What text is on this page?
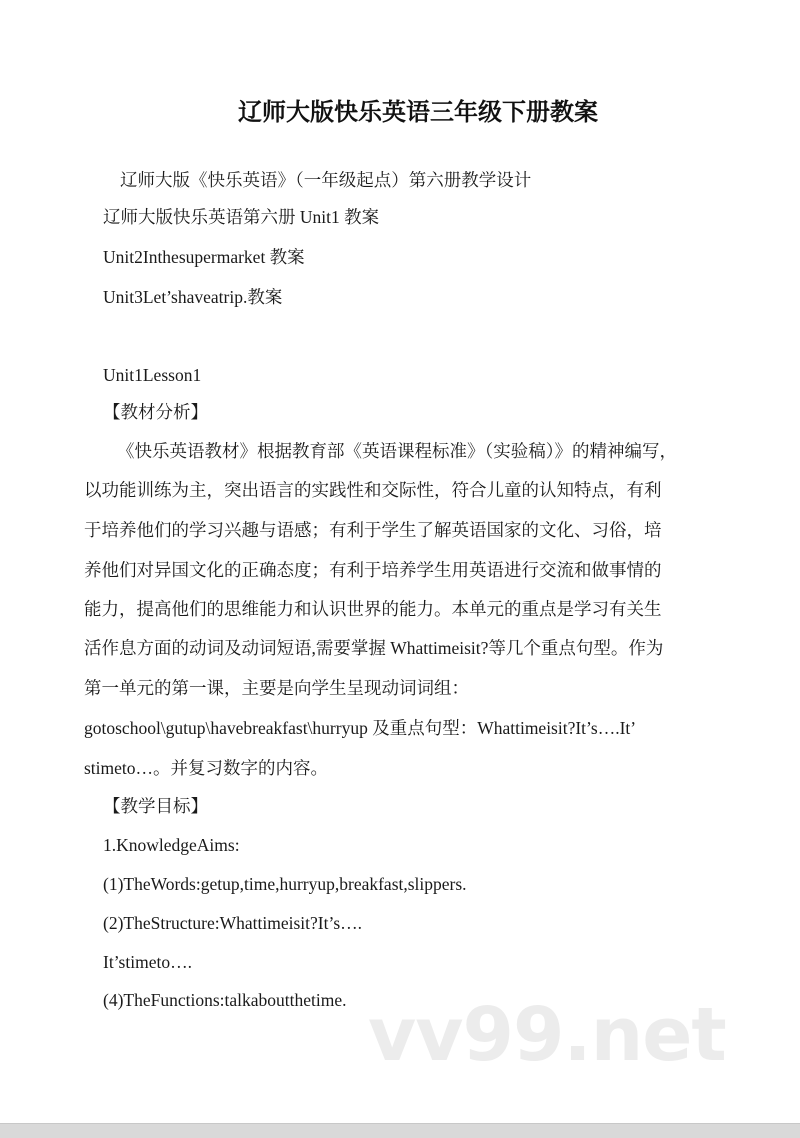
辽师大版快乐英语三年级下册教案
辽师大版《快乐英语》（一年级起点）第六册教学设计
辽师大版快乐英语第六册 Unit1 教案
Unit2Inthesupermarket 教案
Unit3Let’shaveatrip.教案
Unit1Lesson1
【教材分析】
《快乐英语教材》根据教育部《英语课程标准》（实验稿）》的精神编写，
以功能训练为主，突出语言的实践性和交际性，符合儿童的认知特点，有利
于培养他们的学习兴趣与语感；有利于学生了解英语国家的文化、习俗，培
养他们对异国文化的正确态度；有利于培养学生用英语进行交流和做事情的
能力，提高他们的思维能力和认识世界的能力。本单元的重点是学习有关生
活作息方面的动词及动词短语,需要掌握 Whattimeisit?等几个重点句型。作为
第一单元的第一课，主要是向学生呈现动词词组：
gotoschool\gutup\havebreakfast\hurryup 及重点句型：Whattimeisit?It’s….It’
stimeto…。并复习数字的内容。
【教学目标】
1.KnowledgeAims:
(1)TheWords:getup,time,hurryup,breakfast,slippers.
(2)TheStructure:Whattimeisit?It’s….
It’stimeto….
(4)TheFunctions:talkaboutthetime. vv99.net
